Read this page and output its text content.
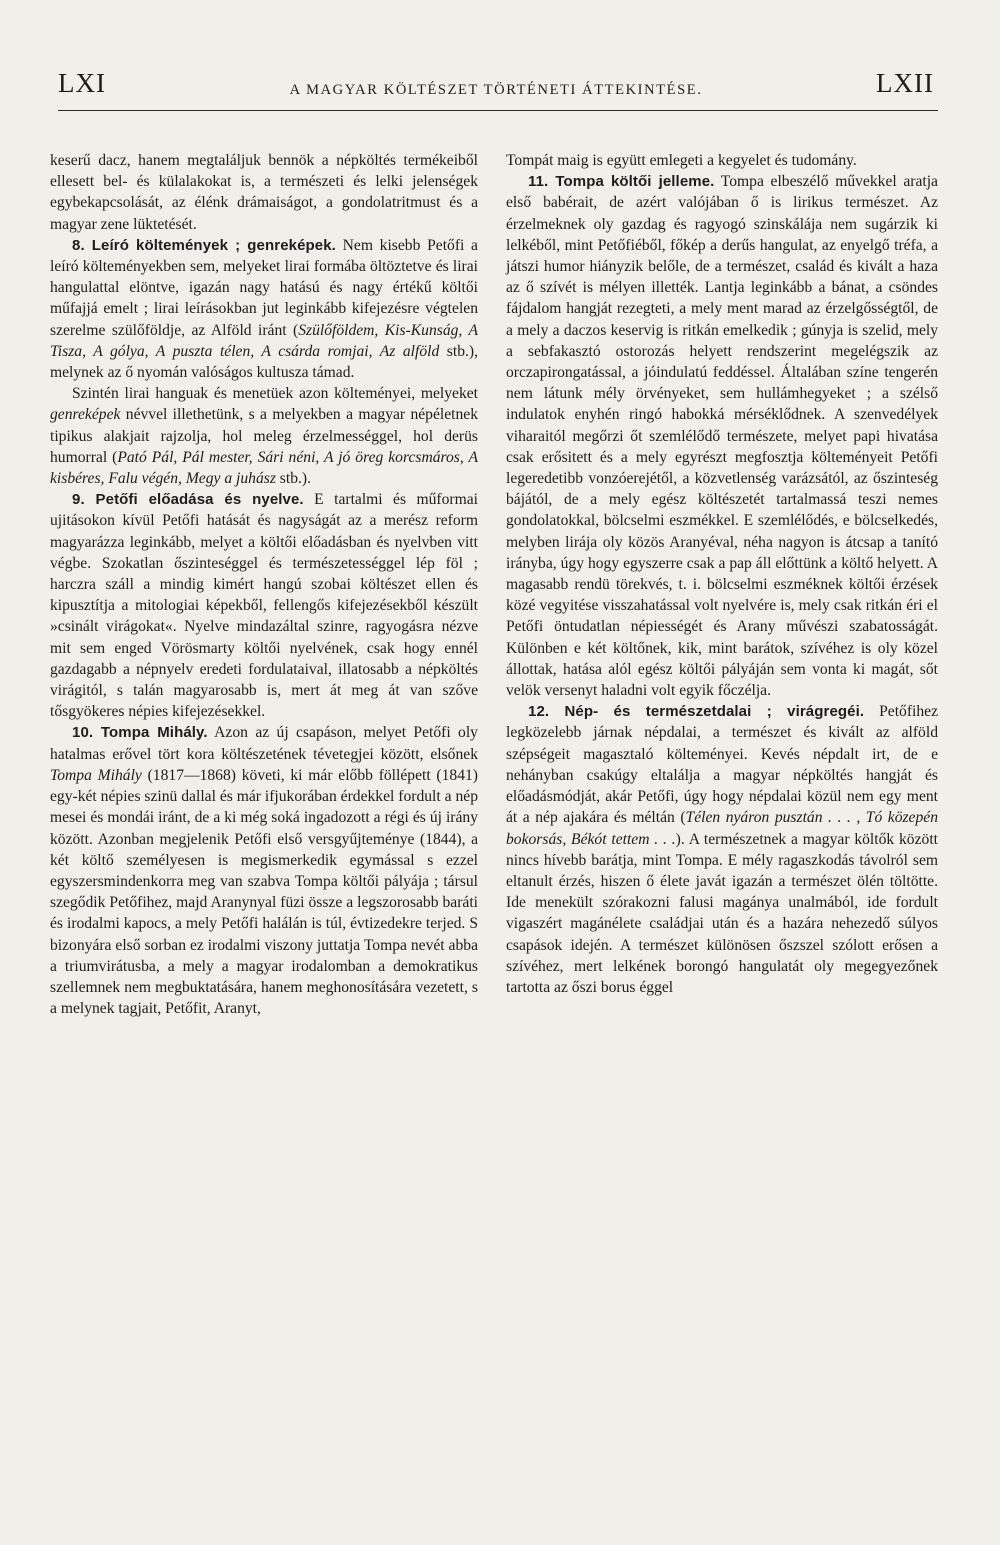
LXI	A MAGYAR KÖLTÉSZET TÖRTÉNETI ÁTTEKINTÉSE.	LXII

keserű dacz, hanem megtaláljuk bennök a népköltés termékeiből ellesett bel- és külalakokat is, a természeti és lelki jelenségek egybekapcsolását, az élénk drámaiságot, a gondolatritmust és a magyar zene lüktetését.

8. Leíró költemények ; genreképek. Nem kisebb Petőfi a leíró költeményekben sem, melyeket lirai formába öltöztetve és lirai hangulattal elöntve, igazán nagy hatású és nagy értékű költői műfajjá emelt ; lirai leírásokban jut leginkább kifejezésre végtelen szerelme szülőföldje, az Alföld iránt (Szülőföldem, Kis-Kunság, A Tisza, A gólya, A puszta télen, A csárda romjai, Az alföld stb.), melynek az ő nyomán valóságos kultusza támad.

Szintén lirai hanguak és menetüek azon költeményei, melyeket genreképek névvel illethetünk, s a melyekben a magyar népéletnek tipikus alakjait rajzolja, hol meleg érzelmességgel, hol derüs humorral (Pató Pál, Pál mester, Sári néni, A jó öreg korcsmáros, A kisbéres, Falu végén, Megy a juhász stb.).

9. Petőfi előadása és nyelve. E tartalmi és műformai ujitásokon kívül Petőfi hatását és nagyságát az a merész reform magyarázza leginkább, melyet a költői előadásban és nyelvben vitt végbe. Szokatlan őszinteséggel és természetességgel lép föl ; harczra száll a mindig kimért hangú szobai költészet ellen és kipusztítja a mitologiai képekből, fellengős kifejezésekből készült »csinált virágokat«. Nyelve mindazáltal szinre, ragyogásra nézve mit sem enged Vörösmarty költői nyelvének, csak hogy ennél gazdagabb a népnyelv eredeti fordulataival, illatosabb a népköltés virágitól, s talán magyarosabb is, mert át meg át van szőve tősgyökeres népies kifejezésekkel.

10. Tompa Mihály. Azon az új csapáson, melyet Petőfi oly hatalmas erővel tört kora költészetének tévetegjei között, elsőnek Tompa Mihály (1817—1868) követi, ki már előbb föllépett (1841) egy-két népies szinü dallal és már ifjukorában érdekkel fordult a nép mesei és mondái iránt, de a ki még soká ingadozott a régi és új irány között. Azonban megjelenik Petőfi első versgyűjteménye (1844), a két költő személyesen is megismerkedik egymással s ezzel egyszersmindenkorra meg van szabva Tompa költői pályája ; társul szegődik Petőfihez, majd Aranynyal füzi össze a legszorosabb baráti és irodalmi kapocs, a mely Petőfi halálán is túl, évtizedekre terjed. S bizonyára első sorban ez irodalmi viszony juttatja Tompa nevét abba a triumvirátusba, a mely a magyar irodalomban a demokratikus szellemnek nem megbuktatására, hanem meghonosítására vezetett, s a melynek tagjait, Petőfit, Aranyt,

Tompát maig is együtt emlegeti a kegyelet és tudomány.

11. Tompa költői jelleme. Tompa elbeszélő művekkel aratja első babérait, de azért valójában ő is lirikus természet. Az érzelmeknek oly gazdag és ragyogó szinskálája nem sugárzik ki lelkéből, mint Petőfiéből, főkép a derűs hangulat, az enyelgő tréfa, a játszi humor hiányzik belőle, de a természet, család és kivált a haza az ő szívét is mélyen illették. Lantja leginkább a bánat, a csöndes fájdalom hangját rezegteti, a mely ment marad az érzelgősségtől, de a mely a daczos keservig is ritkán emelkedik ; gúnyja is szelid, mely a sebfakasztó ostorozás helyett rendszerint megelégszik az orczapirongatással, a jóindulatú feddéssel. Általában színe tengerén nem látunk mély örvényeket, sem hullámhegyeket ; a szélső indulatok enyhén ringó habokká mérséklődnek. A szenvedélyek viharaitól megőrzi őt szemlélődő természete, melyet papi hivatása csak erősitett és a mely egyrészt megfosztja költeményeit Petőfi legeredetibb vonzóerejétől, a közvetlenség varázsától, az őszinteség bájától, de a mely egész költészetét tartalmassá teszi nemes gondolatokkal, bölcselmi eszmékkel. E szemlélődés, e bölcselkedés, melyben lirája oly közös Aranyéval, néha nagyon is átcsap a tanító irányba, úgy hogy egyszerre csak a pap áll előttünk a költő helyett. A magasabb rendü törekvés, t. i. bölcselmi eszméknek költői érzések közé vegyitése visszahatással volt nyelvére is, mely csak ritkán éri el Petőfi öntudatlan népiességét és Arany művészi szabatosságát. Különben e két költőnek, kik, mint barátok, szívéhez is oly közel állottak, hatása alól egész költői pályáján sem vonta ki magát, sőt velök versenyt haladni volt egyik főczélja.

12. Nép- és természetdalai ; virágregéi. Petőfihez legközelebb járnak népdalai, a természet és kivált az alföld szépségeit magasztaló költeményei. Kevés népdalt irt, de e nehányban csakúgy eltalálja a magyar népköltés hangját és előadásmódját, akár Petőfi, úgy hogy népdalai közül nem egy ment át a nép ajakára és méltán (Télen nyáron pusztán . . . , Tó közepén bokorsás, Békót tettem . . .). A természetnek a magyar költők között nincs hívebb barátja, mint Tompa. E mély ragaszkodás távolról sem eltanult érzés, hiszen ő élete javát igazán a természet ölén töltötte. Ide menekült szórakozni falusi magánya unalmából, ide fordult vigaszért magánélete családjai után és a hazára nehezedő súlyos csapások idején. A természet különösen őszszel szólott erősen a szívéhez, mert lelkének borongó hangulatát oly megegyezőnek tartotta az őszi borus éggel
